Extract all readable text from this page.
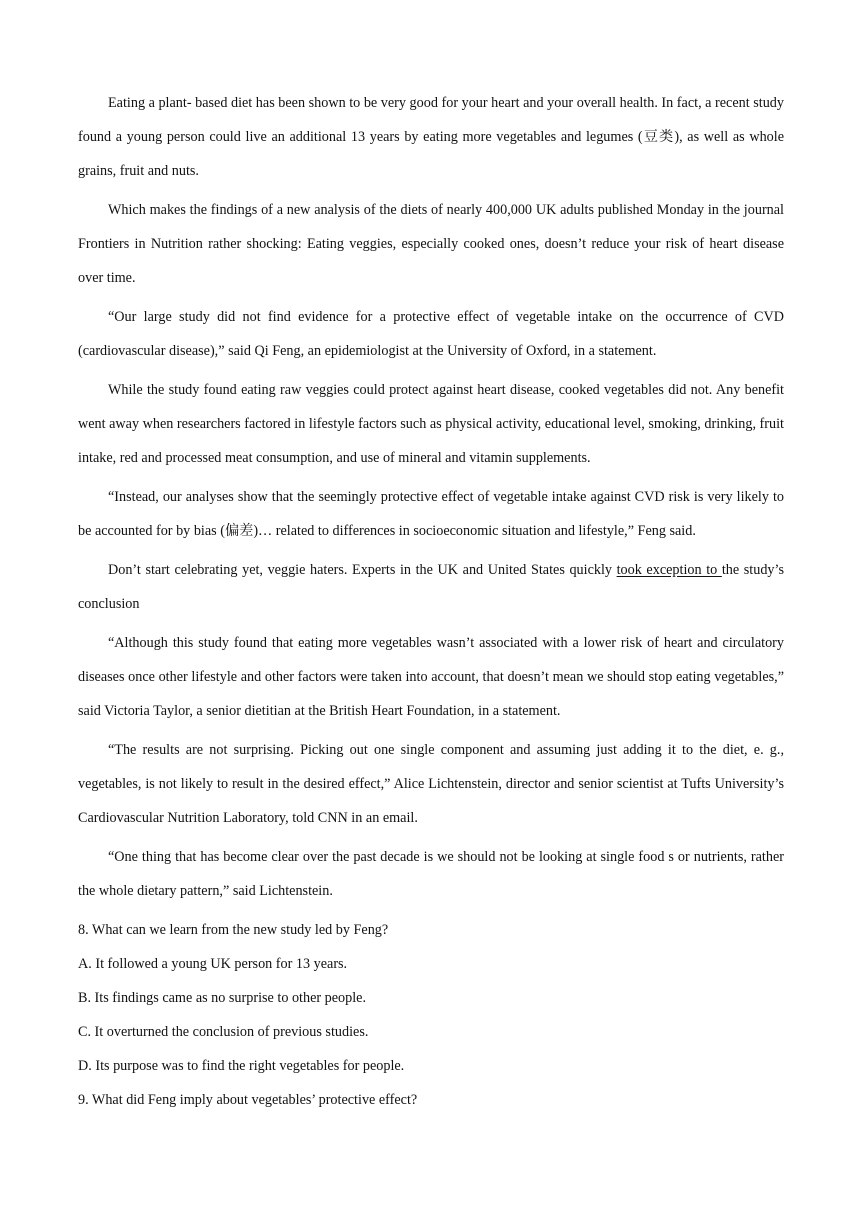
Eating a plant- based diet has been shown to be very good for your heart and your overall health. In fact, a recent study found a young person could live an additional 13 years by eating more vegetables and legumes (豆类), as well as whole grains, fruit and nuts.

Which makes the findings of a new analysis of the diets of nearly 400,000 UK adults published Monday in the journal Frontiers in Nutrition rather shocking: Eating veggies, especially cooked ones, doesn’t reduce your risk of heart disease over time.

“Our large study did not find evidence for a protective effect of vegetable intake on the occurrence of CVD (cardiovascular disease),” said Qi Feng, an epidemiologist at the University of Oxford, in a statement.

While the study found eating raw veggies could protect against heart disease, cooked vegetables did not. Any benefit went away when researchers factored in lifestyle factors such as physical activity, educational level, smoking, drinking, fruit intake, red and processed meat consumption, and use of mineral and vitamin supplements.

“Instead, our analyses show that the seemingly protective effect of vegetable intake against CVD risk is very likely to be accounted for by bias (偏差)… related to differences in socioeconomic situation and lifestyle,” Feng said.

Don’t start celebrating yet, veggie haters. Experts in the UK and United States quickly took exception to the study’s conclusion

“Although this study found that eating more vegetables wasn’t associated with a lower risk of heart and circulatory diseases once other lifestyle and other factors were taken into account, that doesn’t mean we should stop eating vegetables,” said Victoria Taylor, a senior dietitian at the British Heart Foundation, in a statement.

“The results are not surprising. Picking out one single component and assuming just adding it to the diet, e. g., vegetables, is not likely to result in the desired effect,” Alice Lichtenstein, director and senior scientist at Tufts University’s Cardiovascular Nutrition Laboratory, told CNN in an email.

“One thing that has become clear over the past decade is we should not be looking at single food s or nutrients, rather the whole dietary pattern,” said Lichtenstein.

8. What can we learn from the new study led by Feng?

A. It followed a young UK person for 13 years.

B. Its findings came as no surprise to other people.

C. It overturned the conclusion of previous studies.

D. Its purpose was to find the right vegetables for people.

9. What did Feng imply about vegetables’ protective effect?
